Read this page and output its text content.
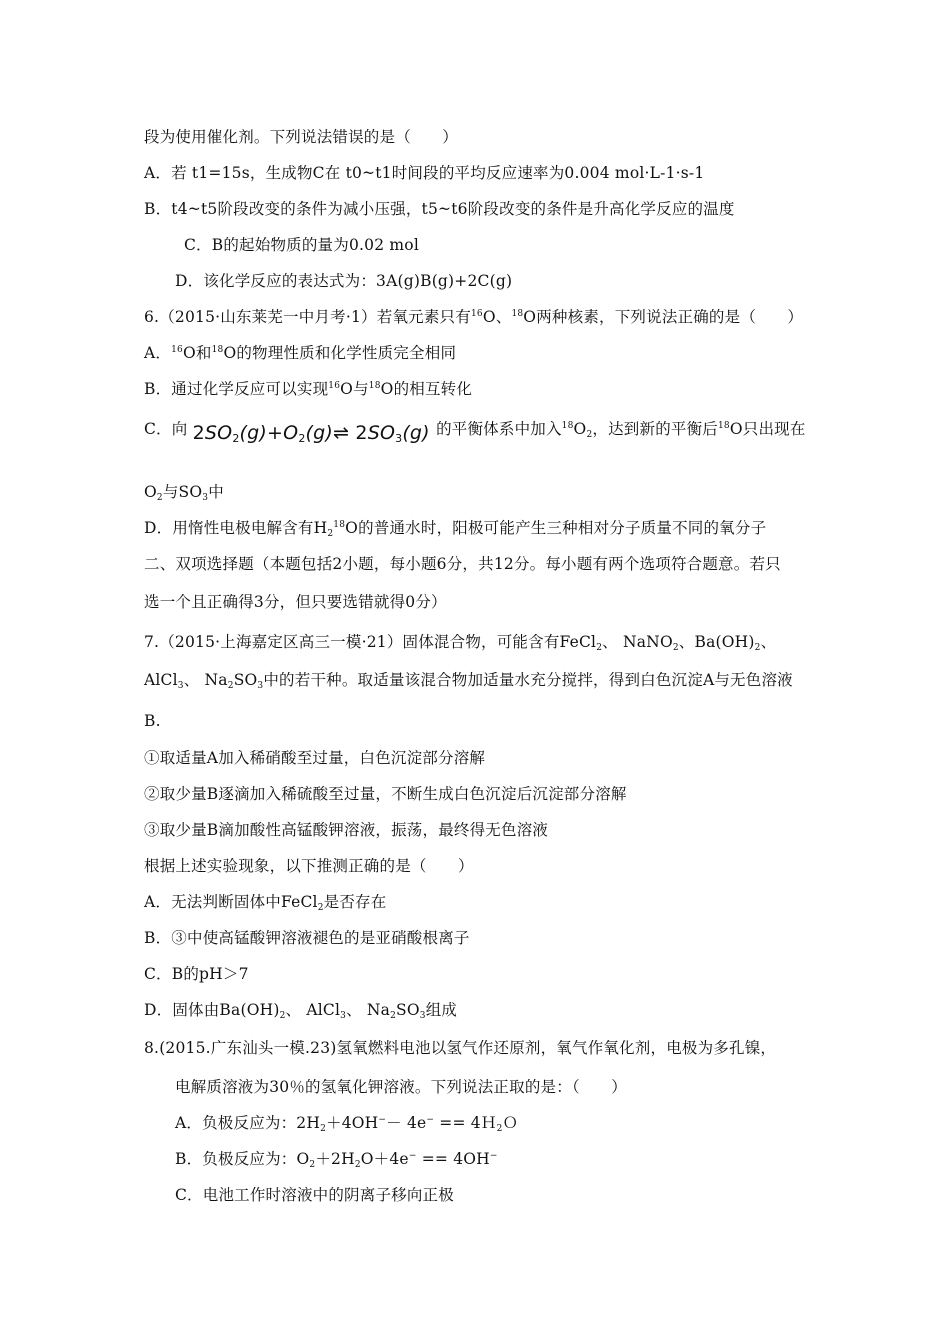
段为使用催化剂。下列说法错误的是（　　）
A．若 t1=15s，生成物C在 t0~t1时间段的平均反应速率为0.004 mol·L-1·s-1
B．t4~t5阶段改变的条件为减小压强，t5~t6阶段改变的条件是升高化学反应的温度
C．B的起始物质的量为0.02 mol
D．该化学反应的表达式为：3A(g)B(g)+2C(g)
6.（2015·山东莱芜一中月考·1）若氧元素只有$^{16}$O、$^{18}$O两种核素，下列说法正确的是（　　）
A．$^{16}$O和$^{18}$O的物理性质和化学性质完全相同
B．通过化学反应可以实现$^{16}$O与$^{18}$O的相互转化
C．向 $2SO_2(g)+O_2(g)\rightleftharpoons$ $2SO_3(g)$ 的平衡体系中加入$^{18}O_2$，达到新的平衡后$^{18}$O只出现在
$O_2$与$SO_3$中
D．用惰性电极电解含有$H_2^{18}O$的普通水时，阳极可能产生三种相对分子质量不同的氧分子
二、双项选择题（本题包括2小题，每小题6分，共12分。每小题有两个选项符合题意。若只
选一个且正确得3分，但只要选错就得0分）
7.（2015·上海嘉定区高三一模·21）固体混合物，可能含有FeCl$_2$、 NaNO$_2$、$Ba(OH)_2$、
AlCl$_3$、 $Na_2SO_3$中的若干种。取适量该混合物加适量水充分搅拌，得到白色沉淀A与无色溶液
B.
①取适量A加入稀硝酸至过量，白色沉淀部分溶解
②取少量B逐滴加入稀硫酸至过量，不断生成白色沉淀后沉淀部分溶解
③取少量B滴加酸性高锰酸钾溶液，振荡，最终得无色溶液
根据上述实验现象，以下推测正确的是（　　）
A．无法判断固体中FeCl$_2$是否存在
B．③中使高锰酸钾溶液褪色的是亚硝酸根离子
C．B的pH＞7
D．固体由$Ba(OH)_2$、 AlCl$_3$、 $Na_2SO_3$组成
8.(2015.广东汕头一模.23)氢氧燃料电池以氢气作还原剂，氧气作氧化剂，电极为多孔镍，
电解质溶液为30％的氢氧化钾溶液。下列说法正取的是：（　　）
A．负极反应为：$2H_2+4OH^-- 4e^-$ == 4Ｈ$_2$Ｏ
B．负极反应为：$O_2+2H_2O+4e^- == 4OH^-$
C．电池工作时溶液中的阴离子移向正极
